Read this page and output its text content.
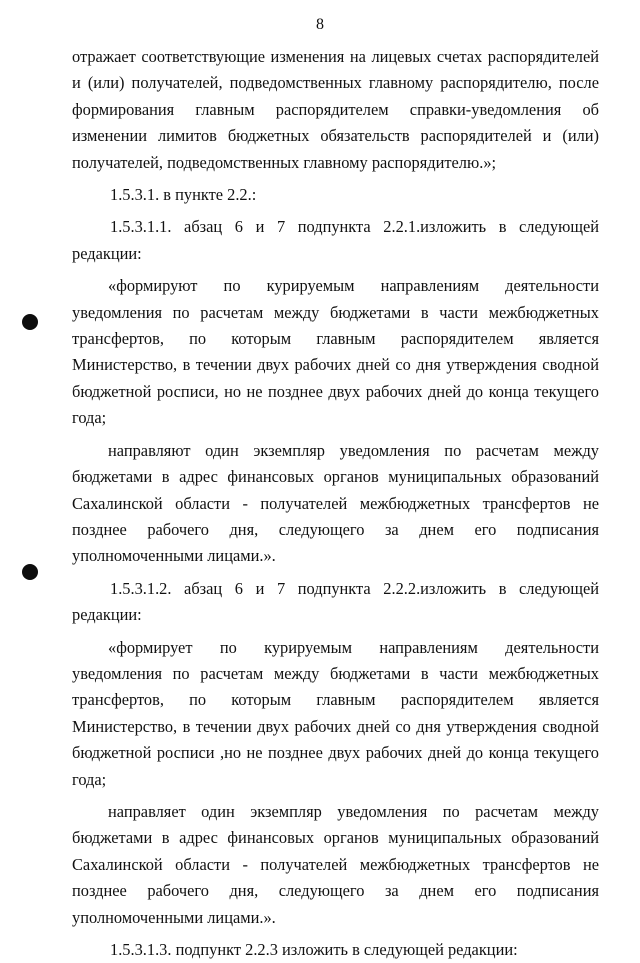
8

отражает соответствующие изменения на лицевых счетах распорядителей и (или) получателей, подведомственных главному распорядителю, после формирования главным распорядителем справки-уведомления об изменении лимитов бюджетных обязательств распорядителей и (или) получателей, подведомственных главному распорядителю.»;

1.5.3.1. в пункте 2.2.:

1.5.3.1.1. абзац 6 и 7 подпункта 2.2.1.изложить в следующей редакции:

«формируют по курируемым направлениям деятельности уведомления по расчетам между бюджетами в части межбюджетных трансфертов, по которым главным распорядителем является Министерство, в течении двух рабочих дней со дня утверждения сводной бюджетной росписи, но не позднее двух рабочих дней до конца текущего года;

направляют один экземпляр уведомления по расчетам между бюджетами в адрес финансовых органов муниципальных образований Сахалинской области - получателей межбюджетных трансфертов не позднее рабочего дня, следующего за днем его подписания уполномоченными лицами.».

1.5.3.1.2. абзац 6 и 7 подпункта 2.2.2.изложить в следующей редакции:

«формирует по курируемым направлениям деятельности уведомления по расчетам между бюджетами в части межбюджетных трансфертов, по которым главным распорядителем является Министерство, в течении двух рабочих дней со дня утверждения сводной бюджетной росписи ,но не позднее двух рабочих дней до конца текущего года;

направляет один экземпляр уведомления по расчетам между бюджетами в адрес финансовых органов муниципальных образований Сахалинской области - получателей межбюджетных трансфертов не позднее рабочего дня, следующего за днем его подписания уполномоченными лицами.».

1.5.3.1.3. подпункт 2.2.3 изложить в следующей редакции:
